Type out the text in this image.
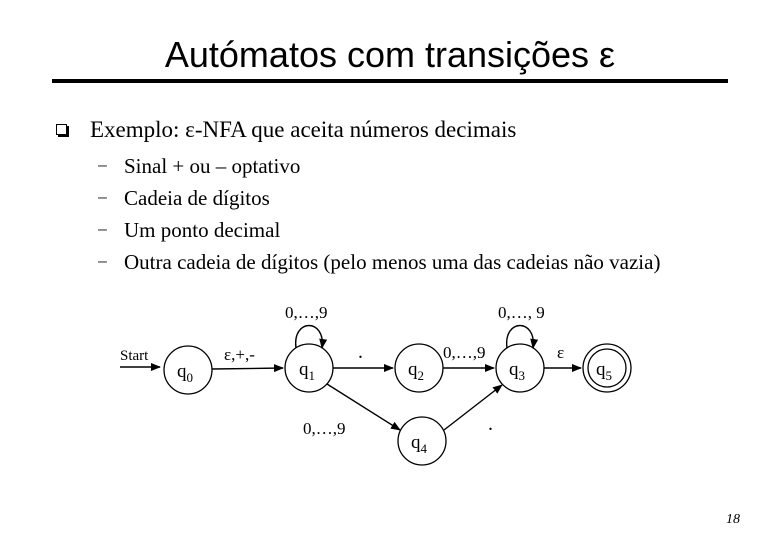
Autómatos com transições ε
Exemplo: ε-NFA que aceita números decimais
– Sinal + ou – optativo
– Cadeia de dígitos
– Um ponto decimal
– Outra cadeia de dígitos (pelo menos uma das cadeias não vazia)
Start
$q_0$	$q_1$	$q_2$	$q_3$
$q_4$
$q_5$
ε,+,-
0,…,9
.
0,…,9
0,…,9
0,…, 9
.
ε
18
